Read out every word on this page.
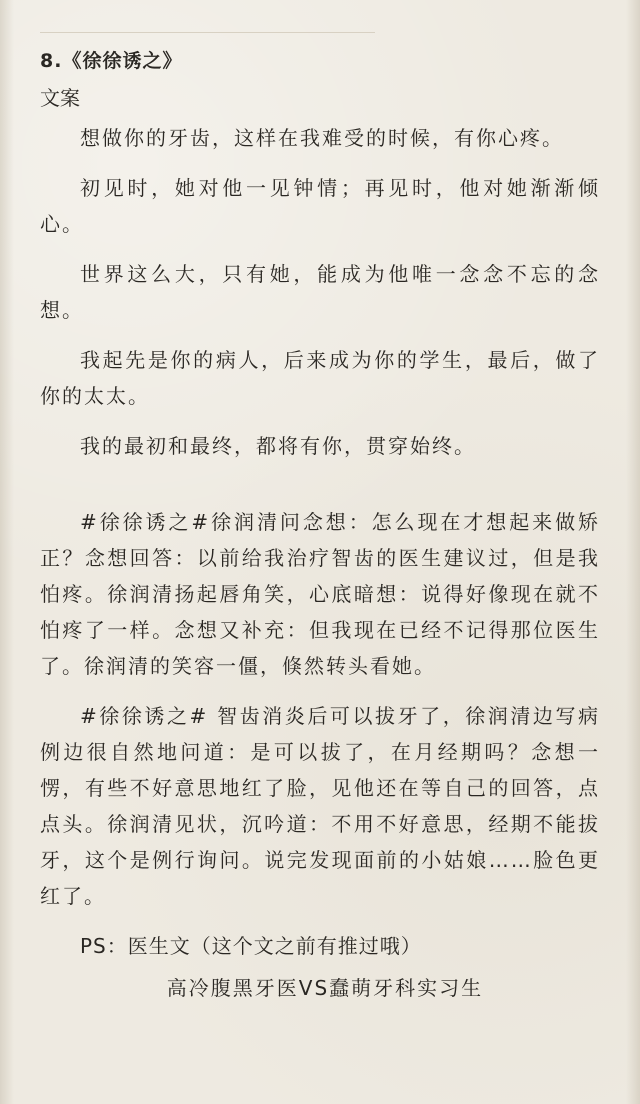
8.《徐徐诱之》
文案

想做你的牙齿，这样在我难受的时候，有你心疼。

初见时，她对他一见钟情；再见时，他对她渐渐倾心。

世界这么大，只有她，能成为他唯一念念不忘的念想。

我起先是你的病人，后来成为你的学生，最后，做了你的太太。

我的最初和最终，都将有你，贯穿始终。

#徐徐诱之#徐润清问念想：怎么现在才想起来做矫正？念想回答：以前给我治疗智齿的医生建议过，但是我怕疼。徐润清扬起唇角笑，心底暗想：说得好像现在就不怕疼了一样。念想又补充：但我现在已经不记得那位医生了。徐润清的笑容一僵，倏然转头看她。

#徐徐诱之# 智齿消炎后可以拔牙了，徐润清边写病例边很自然地问道：是可以拔了，在月经期吗？念想一愣，有些不好意思地红了脸，见他还在等自己的回答，点点头。徐润清见状，沉吟道：不用不好意思，经期不能拔牙，这个是例行询问。说完发现面前的小姑娘……脸色更红了。

PS：医生文（这个文之前有推过哦）
高冷腹黑牙医VS蠢萌牙科实习生
